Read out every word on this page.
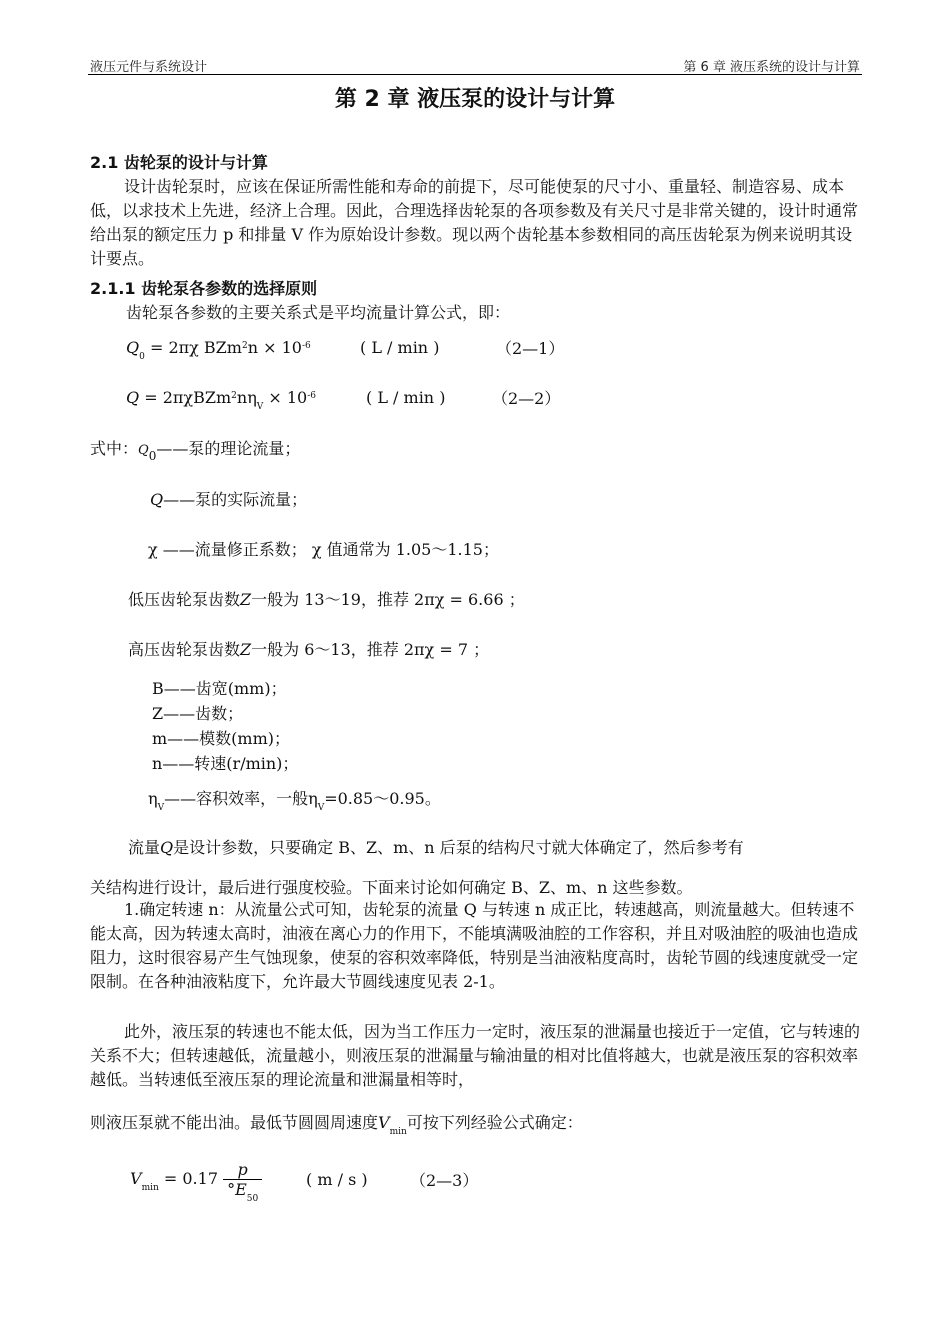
液压元件与系统设计	第 6 章 液压系统的设计与计算
第 2 章 液压泵的设计与计算
2.1 齿轮泵的设计与计算

设计齿轮泵时，应该在保证所需性能和寿命的前提下，尽可能使泵的尺寸小、重量轻、制造容易、成本低，以求技术上先进，经济上合理。因此，合理选择齿轮泵的各项参数及有关尺寸是非常关键的，设计时通常给出泵的额定压力 p 和排量 V 作为原始设计参数。现以两个齿轮基本参数相同的高压齿轮泵为例来说明其设计要点。

2.1.1 齿轮泵各参数的选择原则
齿轮泵各参数的主要关系式是平均流量计算公式，即：
$Q_0 = 2\pi\chi$ $BZm^2n \times 10^{-6}$	( L / min )	（2—1）
$Q = 2\pi\chi BZm^2n\eta_V \times 10^{-6}$	( L / min )	（2—2）
式中：$Q_0——$泵的理论流量；
Q——泵的实际流量；
χ ——流量修正系数； χ 值通常为 1.05～1.15；
低压齿轮泵齿数Z一般为 13～19，推荐 2πχ = 6.66 ；
高压齿轮泵齿数Z一般为 6～13，推荐 2πχ = 7 ；
B——齿宽(mm)；
Z——齿数；
m——模数(mm)；
n——转速(r/min)；
$\eta_V——$容积效率，一般$\eta_V=0.85\sim 0.95$。
流量Q是设计参数，只要确定 B、Z、m、n 后泵的结构尺寸就大体确定了，然后参考有
关结构进行设计，最后进行强度校验。下面来讨论如何确定 B、Z、m、n 这些参数。

1.确定转速 n：从流量公式可知，齿轮泵的流量 Q 与转速 n 成正比，转速越高，则流量越大。但转速不能太高，因为转速太高时，油液在离心力的作用下，不能填满吸油腔的工作容积，并且对吸油腔的吸油也造成阻力，这时很容易产生气蚀现象，使泵的容积效率降低，特别是当油液粘度高时，齿轮节圆的线速度就受一定限制。在各种油液粘度下，允许最大节圆线速度见表 2-1。

此外，液压泵的转速也不能太低，因为当工作压力一定时，液压泵的泄漏量也接近于一定值，它与转速的关系不大；但转速越低，流量越小，则液压泵的泄漏量与输油量的相对比值将越大，也就是液压泵的容积效率越低。当转速低至液压泵的理论流量和泄漏量相等时，

则液压泵就不能出油。最低节圆圆周速度$V_{min}$可按下列经验公式确定：
$V_{min} = 0.17 \frac{p}{^\circ E_{50}}$	( m / s )	（2—3）
